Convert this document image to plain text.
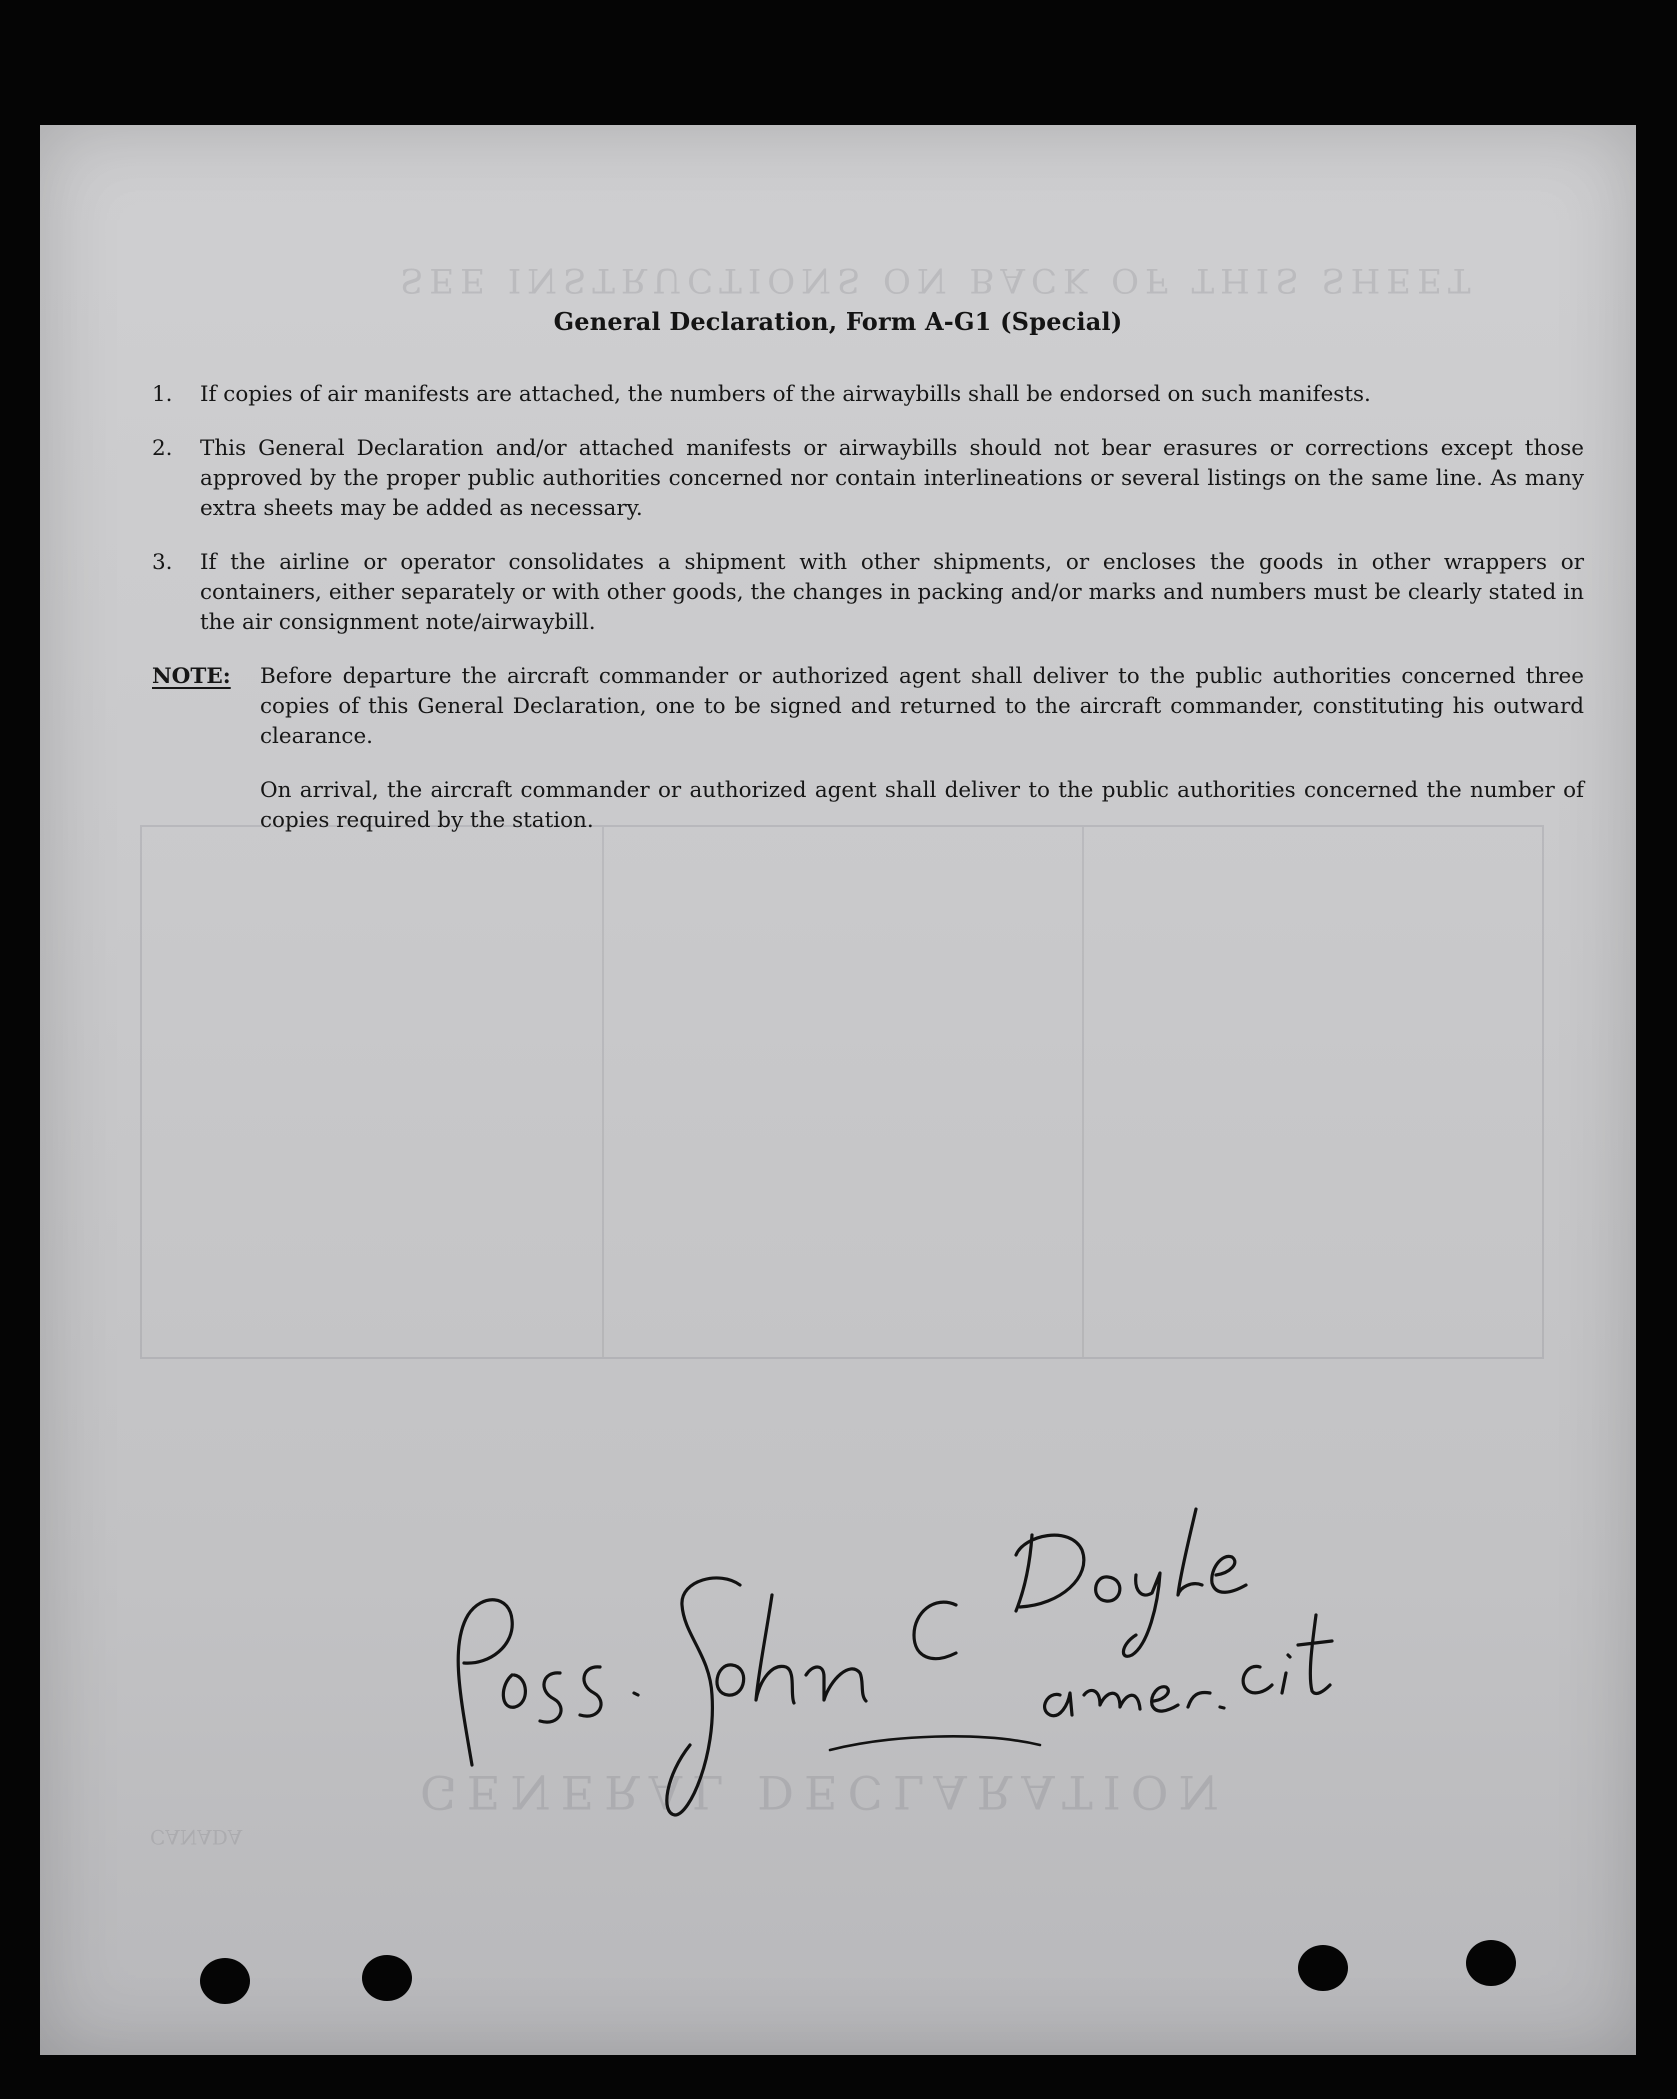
SEE INSTRUCTIONS ON BACK OF THIS SHEET
GENERAL DECLARATION
CANADA
General Declaration, Form A-G1 (Special)
1.	If copies of air manifests are attached, the numbers of the airwaybills shall be endorsed on such manifests.
2.	This General Declaration and/or attached manifests or airwaybills should not bear erasures or corrections except those approved by the proper public authorities concerned nor contain interlineations or several listings on the same line. As many extra sheets may be added as necessary.
3.	If the airline or operator consolidates a shipment with other shipments, or encloses the goods in other wrappers or containers, either separately or with other goods, the changes in packing and/or marks and numbers must be clearly stated in the air consignment note/airwaybill.
NOTE:	Before departure the aircraft commander or authorized agent shall deliver to the public authorities concerned three copies of this General Declaration, one to be signed and returned to the aircraft commander, constituting his outward clearance.

On arrival, the aircraft commander or authorized agent shall deliver to the public authorities concerned the number of copies required by the station.
